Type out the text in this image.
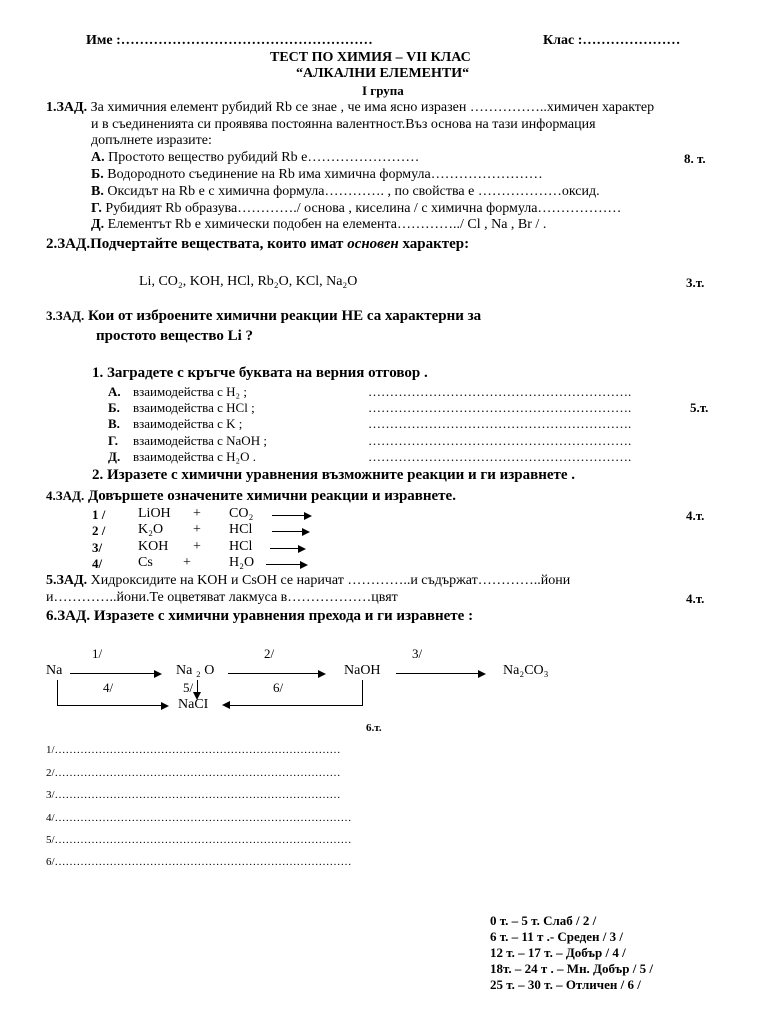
Име :………………………………………………	Клас :…………………
ТЕСТ ПО ХИМИЯ – VII КЛАС
“АЛКАЛНИ ЕЛЕМЕНТИ“
I група
1.ЗАД. За химичния елемент рубидий Rb се знае , че има ясно изразен ……………..химичен характер
и в съединенията си проявява постоянна валентност.Въз основа на тази информация
допълнете изразите:
А. Простото вещество рубидий Rb е……………………
Б. Водородното съединение на Rb има химична формула……………………
В. Оксидът на Rb е с химична формула…………. , по свойства е ………………оксид.
Г. Рубидият Rb образува…………./ основа , киселина / с химична формула………………
Д. Елементът Rb е химически подобен на елемента…………../ Cl , Na , Br / .
8. т.
2.ЗАД.Подчертайте веществата, които имат основен характер:
Li, CO₂, KOH, HCl, Rb₂O, KCl, Na₂O	3.т.
3.ЗАД. Кои от изброените химични реакции НЕ са характерни за
простото вещество Li ?
1. Заградете с кръгче буквата на верния отговор .
А. взаимодейства с H₂ ;	…………………………………………………….
Б. взаимодейства с HCl ;	…………………………………………………….
В. взаимодейства с K ;	…………………………………………………….
Г. взаимодейства с NaOH ;	…………………………………………………….
Д. взаимодейства с H₂O .	…………………………………………………….
5.т.
2. Изразете с химични уравнения възможните реакции и ги изравнете .
4.ЗАД. Довършете означените химични реакции и изравнете.
4.т.
1 / LiOH + CO₂ →
2 / K₂O + HCl →
3/	KOH + HCl →
4/	Cs +	H₂O →
5.ЗАД. Хидроксидите на KOH и CsOH се наричат …………..и съдържат…………..йони
и…………..йони.Те оцветяват лакмуса в………………цвят	4.т.
6.ЗАД. Изразете с химични уравнения прехода и ги изравнете :
1/	2/	3/
Na	Na ₂ O	NaOH	Na₂CO₃
4/	5/	6/
NaCI
6.т.
1/……………………………………………………………………
2/……………………………………………………………………
3/……………………………………………………………………
4/………………………………………………………………………
5/………………………………………………………………………
6/………………………………………………………………………
0 т. – 5 т. Слаб / 2 /
6 т. – 11 т .- Среден / 3 /
12 т. – 17 т. – Добър / 4 /
18т. – 24 т . – Мн. Добър / 5 /
25 т. – 30 т. – Отличен / 6 /
